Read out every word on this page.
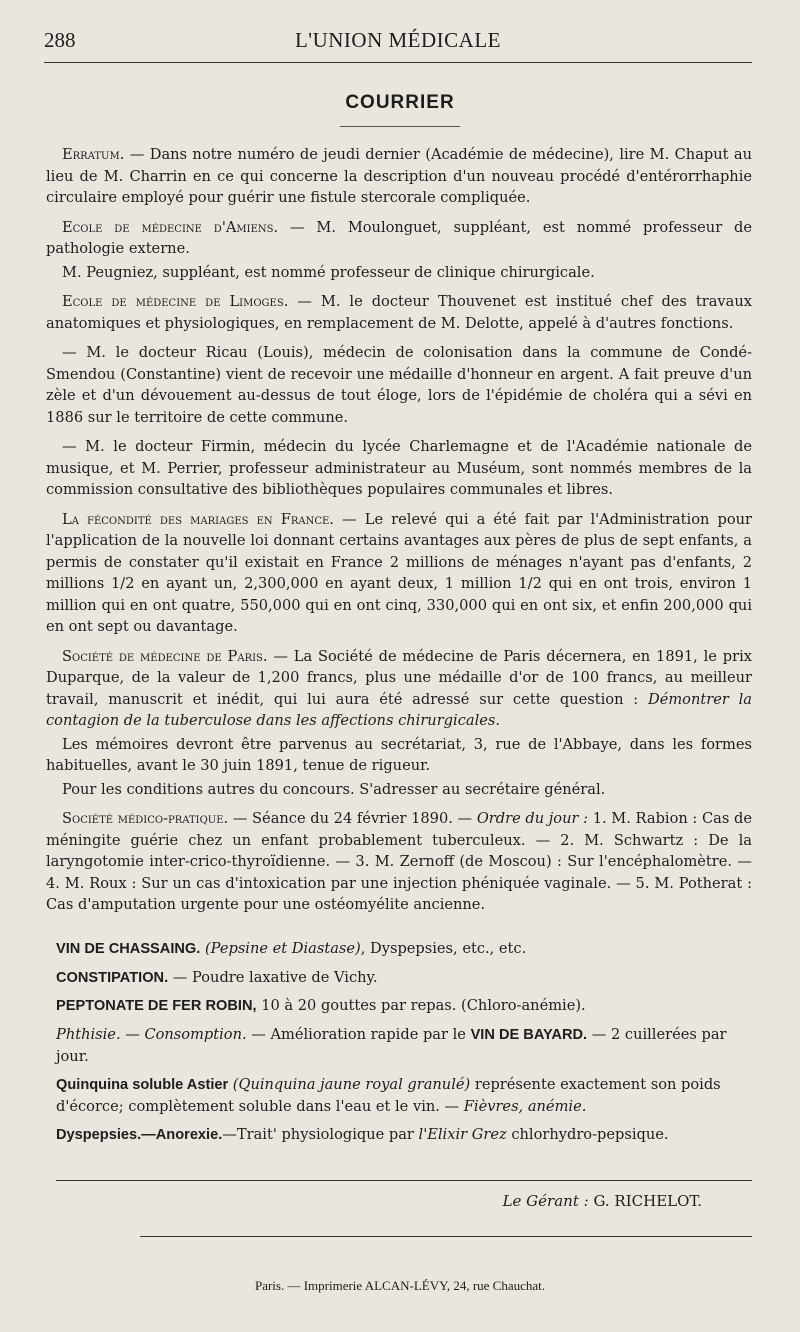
288	L'UNION MÉDICALE
COURRIER

Erratum. — Dans notre numéro de jeudi dernier (Académie de médecine), lire M. Chaput au lieu de M. Charrin en ce qui concerne la description d'un nouveau procédé d'entérorrhaphie circulaire employé pour guérir une fistule stercorale compliquée.

Ecole de médecine d'Amiens. — M. Moulonguet, suppléant, est nommé professeur de pathologie externe.

M. Peugniez, suppléant, est nommé professeur de clinique chirurgicale.

Ecole de médecine de Limoges. — M. le docteur Thouvenet est institué chef des travaux anatomiques et physiologiques, en remplacement de M. Delotte, appelé à d'autres fonctions.

— M. le docteur Ricau (Louis), médecin de colonisation dans la commune de Condé-Smendou (Constantine) vient de recevoir une médaille d'honneur en argent. A fait preuve d'un zèle et d'un dévouement au-dessus de tout éloge, lors de l'épidémie de choléra qui a sévi en 1886 sur le territoire de cette commune.

— M. le docteur Firmin, médecin du lycée Charlemagne et de l'Académie nationale de musique, et M. Perrier, professeur administrateur au Muséum, sont nommés membres de la commission consultative des bibliothèques populaires communales et libres.

La fécondité des mariages en France. — Le relevé qui a été fait par l'Administration pour l'application de la nouvelle loi donnant certains avantages aux pères de plus de sept enfants, a permis de constater qu'il existait en France 2 millions de ménages n'ayant pas d'enfants, 2 millions 1/2 en ayant un, 2,300,000 en ayant deux, 1 million 1/2 qui en ont trois, environ 1 million qui en ont quatre, 550,000 qui en ont cinq, 330,000 qui en ont six, et enfin 200,000 qui en ont sept ou davantage.

Société de médecine de Paris. — La Société de médecine de Paris décernera, en 1891, le prix Duparque, de la valeur de 1,200 francs, plus une médaille d'or de 100 francs, au meilleur travail, manuscrit et inédit, qui lui aura été adressé sur cette question : Démontrer la contagion de la tuberculose dans les affections chirurgicales.

Les mémoires devront être parvenus au secrétariat, 3, rue de l'Abbaye, dans les formes habituelles, avant le 30 juin 1891, tenue de rigueur.

Pour les conditions autres du concours. S'adresser au secrétaire général.

Société médico-pratique. — Séance du 24 février 1890. — Ordre du jour : 1. M. Rabion : Cas de méningite guérie chez un enfant probablement tuberculeux. — 2. M. Schwartz : De la laryngotomie inter-crico-thyroïdienne. — 3. M. Zernoff (de Moscou) : Sur l'encéphalomètre. — 4. M. Roux : Sur un cas d'intoxication par une injection phéniquée vaginale. — 5. M. Potherat : Cas d'amputation urgente pour une ostéomyélite ancienne.

VIN DE CHASSAING. (Pepsine et Diastase), Dyspepsies, etc., etc.
CONSTIPATION. — Poudre laxative de Vichy.
PEPTONATE DE FER ROBIN, 10 à 20 gouttes par repas. (Chloro-anémie).
Phthisie. — Consomption. — Amélioration rapide par le VIN DE BAYARD. — 2 cuillerées par jour.
Quinquina soluble Astier (Quinquina jaune royal granulé) représente exactement son poids d'écorce; complètement soluble dans l'eau et le vin. — Fièvres, anémie.
Dyspepsies.—Anorexie.—Trait' physiologique par l'Elixir Grez chlorhydro-pepsique.
Le Gérant : G. RICHELOT.
Paris. — Imprimerie ALCAN-LÉVY, 24, rue Chauchat.
